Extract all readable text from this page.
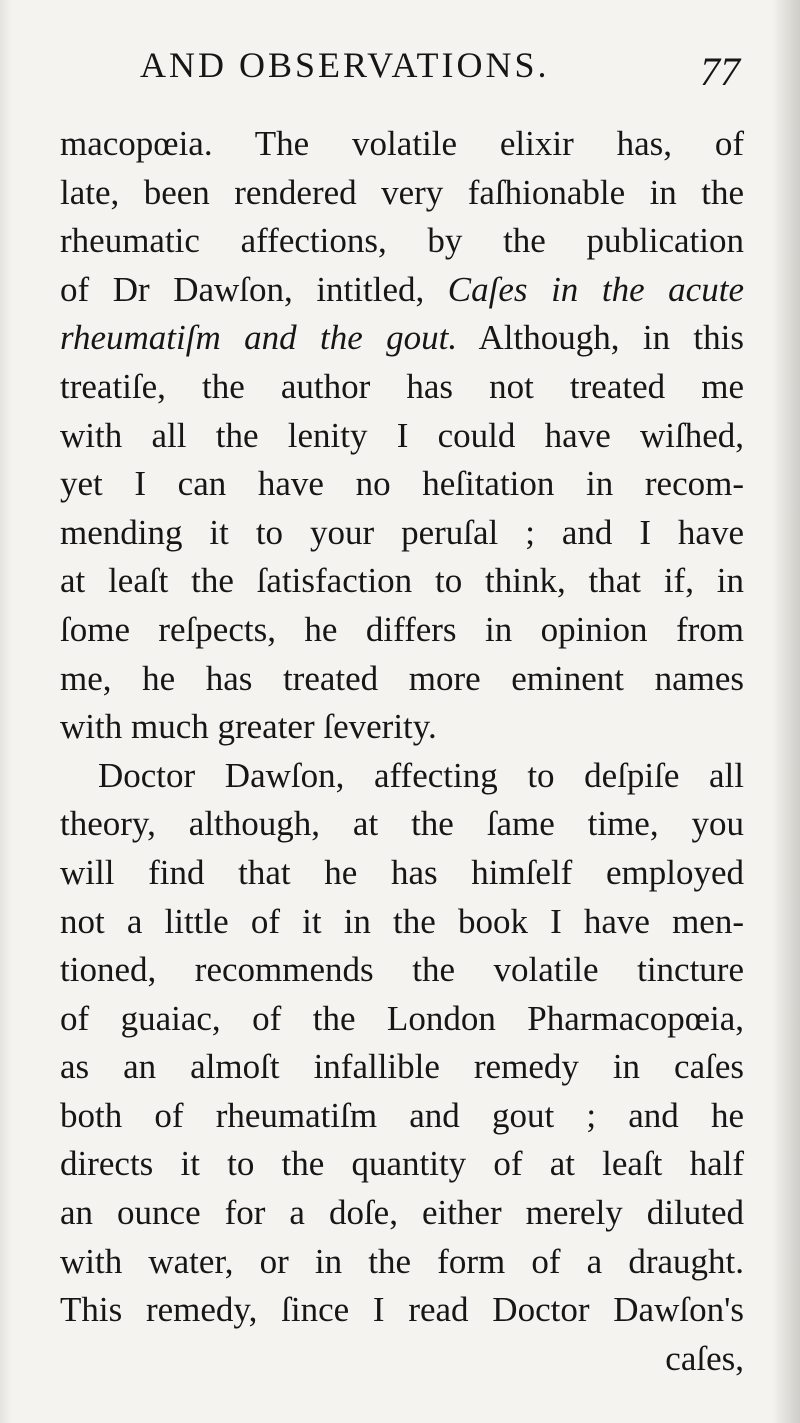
AND OBSERVATIONS.	77
macopœia. The volatile elixir has, of
late, been rendered very faſhionable in the
rheumatic affections, by the publication
of Dr Dawſon, intitled, Caſes in the acute
rheumatiſm and the gout. Although, in this
treatiſe, the author has not treated me
with all the lenity I could have wiſhed,
yet I can have no heſitation in recom-
mending it to your peruſal ; and I have
at leaſt the ſatisfaction to think, that if, in
ſome reſpects, he differs in opinion from
me, he has treated more eminent names
with much greater ſeverity.
Doctor Dawſon, affecting to deſpiſe all
theory, although, at the ſame time, you
will find that he has himſelf employed
not a little of it in the book I have men-
tioned, recommends the volatile tincture
of guaiac, of the London Pharmacopœia,
as an almoſt infallible remedy in caſes
both of rheumatiſm and gout ; and he
directs it to the quantity of at leaſt half
an ounce for a doſe, either merely diluted
with water, or in the form of a draught.
This remedy, ſince I read Doctor Dawſon's
caſes,
